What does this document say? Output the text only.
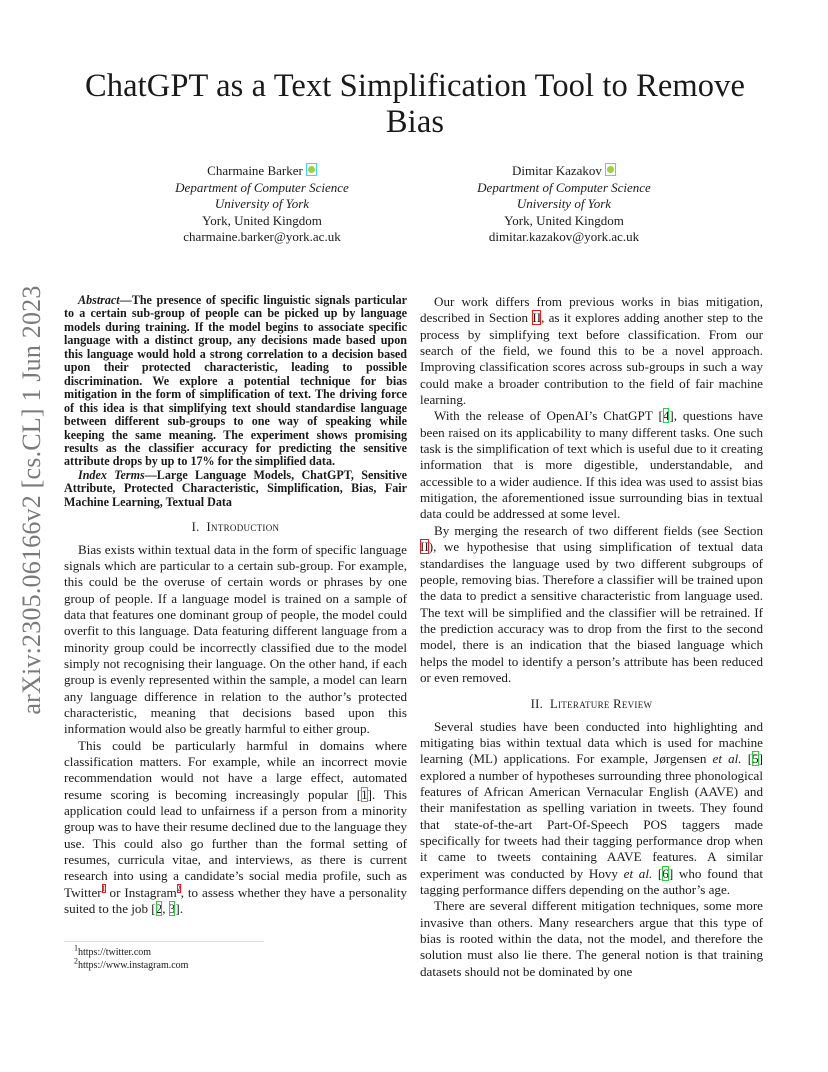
ChatGPT as a Text Simplification Tool to Remove Bias
Charmaine Barker
Department of Computer Science
University of York
York, United Kingdom
charmaine.barker@york.ac.uk
Dimitar Kazakov
Department of Computer Science
University of York
York, United Kingdom
dimitar.kazakov@york.ac.uk
arXiv:2305.06166v2 [cs.CL] 1 Jun 2023	Abstract—The presence of specific linguistic signals particular to a certain sub-group of people can be picked up by language models during training. If the model begins to associate specific language with a distinct group, any decisions made based upon this language would hold a strong correlation to a decision based upon their protected characteristic, leading to possible discrimination. We explore a potential technique for bias mitigation in the form of simplification of text. The driving force of this idea is that simplifying text should standardise language between different sub-groups to one way of speaking while keeping the same meaning. The experiment shows promising results as the classifier accuracy for predicting the sensitive attribute drops by up to 17% for the simplified data.

Index Terms—Large Language Models, ChatGPT, Sensitive Attribute, Protected Characteristic, Simplification, Bias, Fair Machine Learning, Textual Data

I. Introduction

Bias exists within textual data in the form of specific language signals which are particular to a certain sub-group. For example, this could be the overuse of certain words or phrases by one group of people. If a language model is trained on a sample of data that features one dominant group of people, the model could overfit to this language. Data featuring different language from a minority group could be incorrectly classified due to the model simply not recognising their language. On the other hand, if each group is evenly represented within the sample, a model can learn any language difference in relation to the author’s protected characteristic, meaning that decisions based upon this information would also be greatly harmful to either group.

This could be particularly harmful in domains where classification matters. For example, while an incorrect movie recommendation would not have a large effect, automated resume scoring is becoming increasingly popular [1]. This application could lead to unfairness if a person from a minority group was to have their resume declined due to the language they use. This could also go further than the formal setting of resumes, curricula vitae, and interviews, as there is current research into using a candidate’s social media profile, such as Twitter$^1$ or Instagram$^2$, to assess whether they have a personality suited to the job [2, 3].

$^1$https://twitter.com
$^2$https://www.instagram.com

Our work differs from previous works in bias mitigation, described in Section II, as it explores adding another step to the process by simplifying text before classification. From our search of the field, we found this to be a novel approach. Improving classification scores across sub-groups in such a way could make a broader contribution to the field of fair machine learning.

With the release of OpenAI’s ChatGPT [4], questions have been raised on its applicability to many different tasks. One such task is the simplification of text which is useful due to it creating information that is more digestible, understandable, and accessible to a wider audience. If this idea was used to assist bias mitigation, the aforementioned issue surrounding bias in textual data could be addressed at some level.

By merging the research of two different fields (see Section II), we hypothesise that using simplification of textual data standardises the language used by two different subgroups of people, removing bias. Therefore a classifier will be trained upon the data to predict a sensitive characteristic from language used. The text will be simplified and the classifier will be retrained. If the prediction accuracy was to drop from the first to the second model, there is an indication that the biased language which helps the model to identify a person’s attribute has been reduced or even removed.

II. Literature Review

Several studies have been conducted into highlighting and mitigating bias within textual data which is used for machine learning (ML) applications. For example, Jørgensen et al. [5] explored a number of hypotheses surrounding three phonological features of African American Vernacular English (AAVE) and their manifestation as spelling variation in tweets. They found that state-of-the-art Part-Of-Speech POS taggers made specifically for tweets had their tagging performance drop when it came to tweets containing AAVE features. A similar experiment was conducted by Hovy et al. [6] who found that tagging performance differs depending on the author’s age.

There are several different mitigation techniques, some more invasive than others. Many researchers argue that this type of bias is rooted within the data, not the model, and therefore the solution must also lie there. The general notion is that training datasets should not be dominated by one
